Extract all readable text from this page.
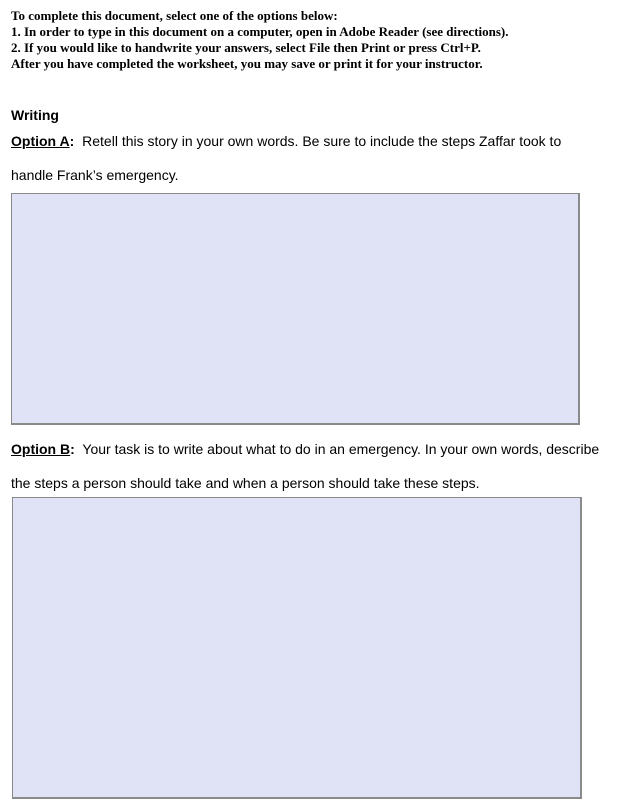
To complete this document, select one of the options below:
1. In order to type in this document on a computer, open in Adobe Reader (see directions).
2. If you would like to handwrite your answers, select File then Print or press Ctrl+P.
After you have completed the worksheet, you may save or print it for your instructor.
Writing
Option A: Retell this story in your own words. Be sure to include the steps Zaffar took to
handle Frank’s emergency.
Option B: Your task is to write about what to do in an emergency. In your own words, describe
the steps a person should take and when a person should take these steps.
